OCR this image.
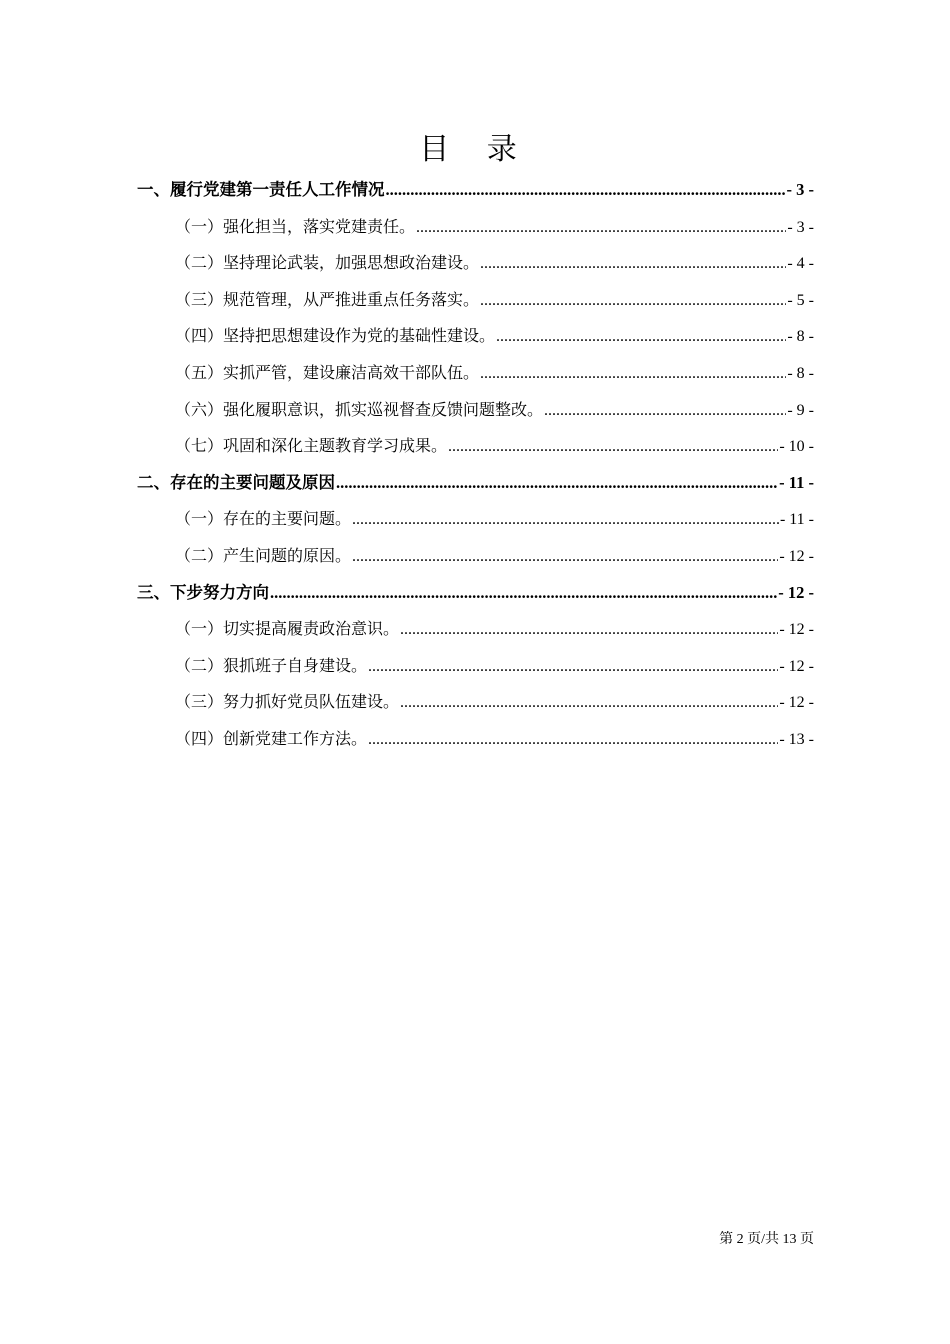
目 录
一、履行党建第一责任人工作情况 .....	- 3 -
（一）强化担当，落实党建责任。 .....	- 3 -
（二）坚持理论武装，加强思想政治建设。 .....	- 4 -
（三）规范管理，从严推进重点任务落实。 .....	- 5 -
（四）坚持把思想建设作为党的基础性建设。 .....	- 8 -
（五）实抓严管，建设廉洁高效干部队伍。 .....	- 8 -
（六）强化履职意识，抓实巡视督查反馈问题整改。 .....	- 9 -
（七）巩固和深化主题教育学习成果。 .....	- 10 -
二、存在的主要问题及原因 .....	- 11 -
（一）存在的主要问题。 .....	- 11 -
（二）产生问题的原因。 .....	- 12 -
三、下步努力方向 .....	- 12 -
（一）切实提高履责政治意识。 .....	- 12 -
（二）狠抓班子自身建设。 .....	- 12 -
（三）努力抓好党员队伍建设。 .....	- 12 -
（四）创新党建工作方法。 .....	- 13 -
第 2 页/共 13 页
